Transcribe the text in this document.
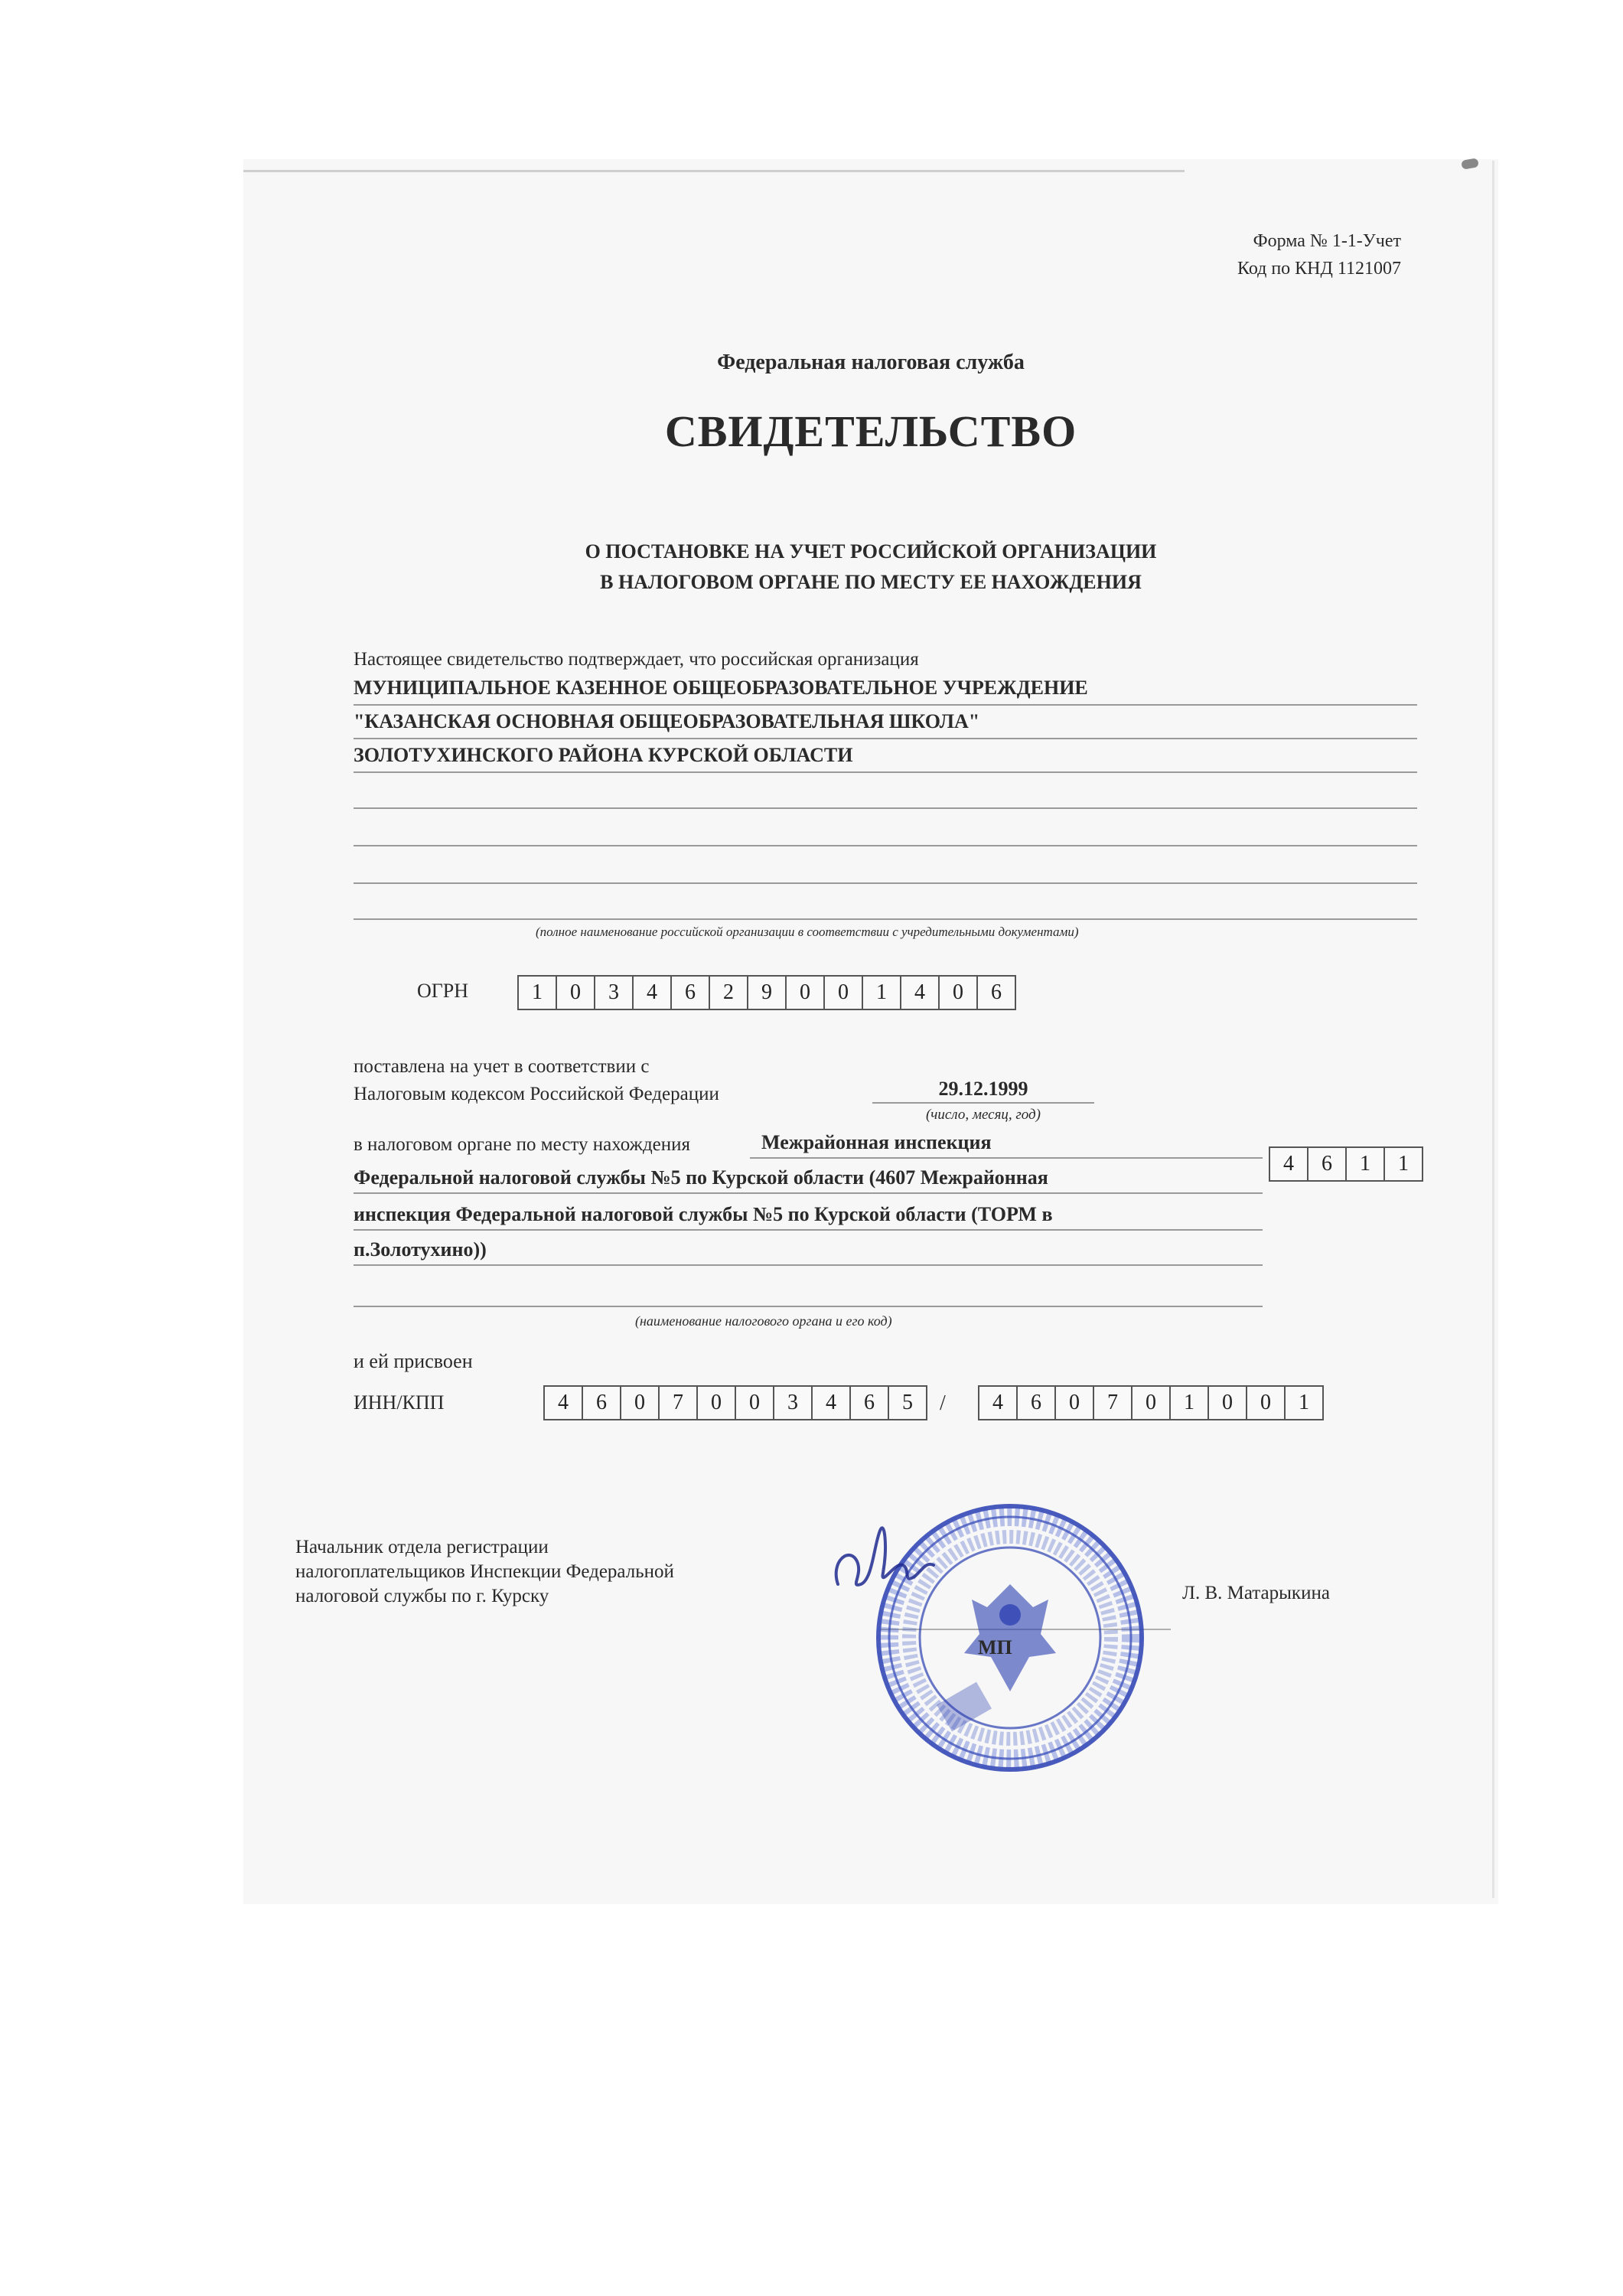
Форма № 1-1-Учет
Код по КНД 1121007
Федеральная налоговая служба
СВИДЕТЕЛЬСТВО
О ПОСТАНОВКЕ НА УЧЕТ РОССИЙСКОЙ ОРГАНИЗАЦИИ
В НАЛОГОВОМ ОРГАНЕ ПО МЕСТУ ЕЕ НАХОЖДЕНИЯ
Настоящее свидетельство подтверждает, что российская организация
МУНИЦИПАЛЬНОЕ КАЗЕННОЕ ОБЩЕОБРАЗОВАТЕЛЬНОЕ УЧРЕЖДЕНИЕ
"КАЗАНСКАЯ ОСНОВНАЯ ОБЩЕОБРАЗОВАТЕЛЬНАЯ ШКОЛА"
ЗОЛОТУХИНСКОГО РАЙОНА КУРСКОЙ ОБЛАСТИ
(полное наименование российской организации в соответствии с учредительными документами)
ОГРН	1	0	3	4	6	2	9	0	0	1	4	0	6
поставлена на учет в соответствии с
Налоговым кодексом Российской Федерации	29.12.1999
(число, месяц, год)
в налоговом органе по месту нахождения	Межрайонная инспекция
Федеральной налоговой службы №5 по Курской области (4607 Межрайонная
инспекция Федеральной налоговой службы №5 по Курской области (ТОРМ в
п.Золотухино))
(наименование налогового органа и его код)
4	6	1	1
и ей присвоен
ИНН/КПП	4	6	0	7	0	0	3	4	6	5	/	4	6	0	7	0	1	0	0	1
Начальник отдела регистрации
налогоплательщиков Инспекции Федеральной
налоговой службы по г. Курску	Л. В. Матарыкина
МП
